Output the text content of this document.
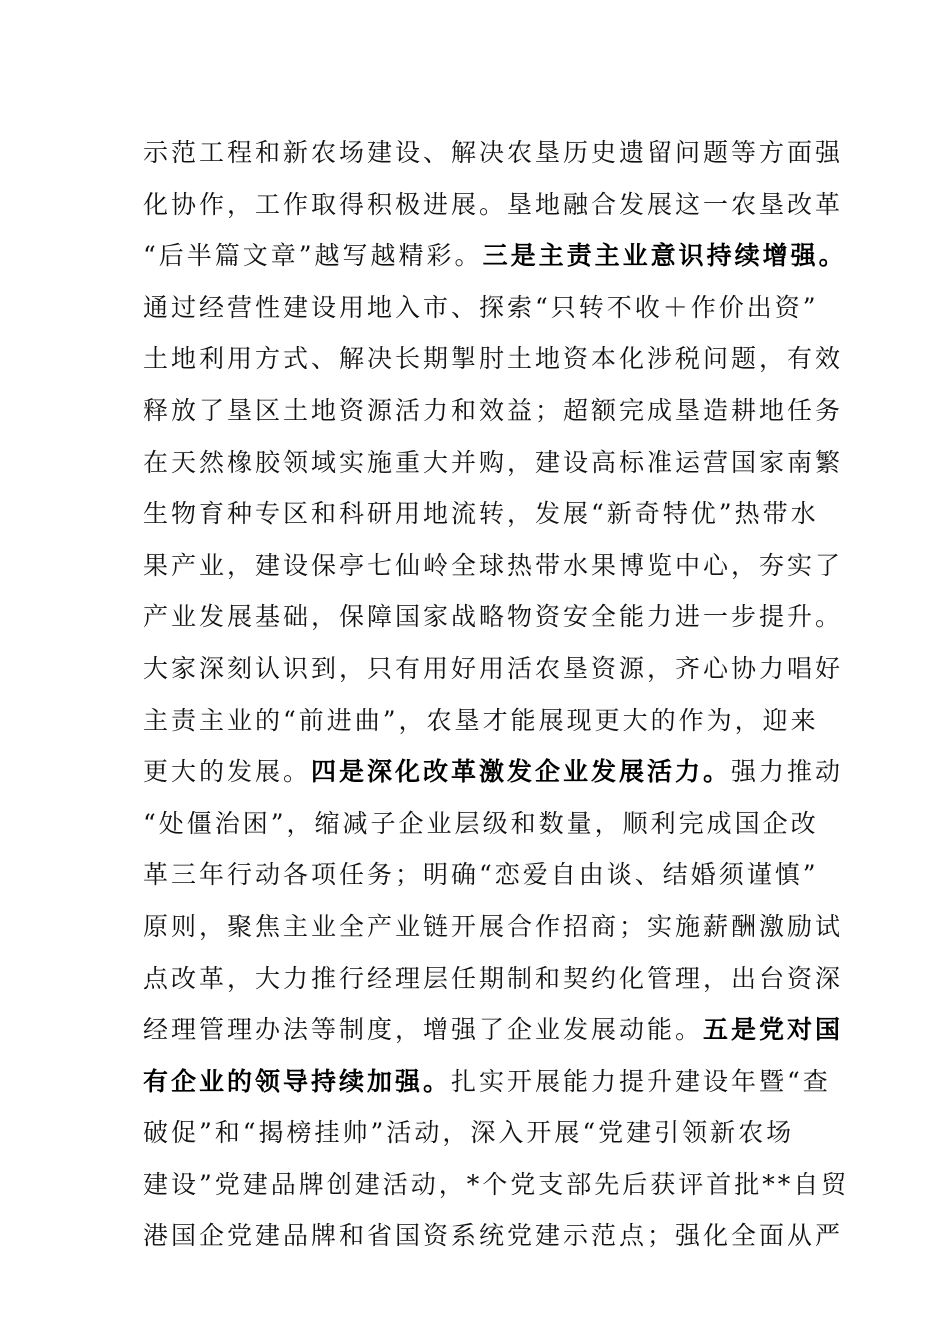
示范工程和新农场建设、解决农垦历史遗留问题等方面强
化协作，工作取得积极进展。垦地融合发展这一农垦改革
“后半篇文章”越写越精彩。三是主责主业意识持续增强。
通过经营性建设用地入市、探索“只转不收＋作价出资”
土地利用方式、解决长期掣肘土地资本化涉税问题，有效
释放了垦区土地资源活力和效益；超额完成垦造耕地任务
在天然橡胶领域实施重大并购，建设高标准运营国家南繁
生物育种专区和科研用地流转，发展“新奇特优”热带水
果产业，建设保亭七仙岭全球热带水果博览中心，夯实了
产业发展基础，保障国家战略物资安全能力进一步提升。
大家深刻认识到，只有用好用活农垦资源，齐心协力唱好
主责主业的“前进曲”，农垦才能展现更大的作为，迎来
更大的发展。四是深化改革激发企业发展活力。强力推动
“处僵治困”，缩减子企业层级和数量，顺利完成国企改
革三年行动各项任务；明确“恋爱自由谈、结婚须谨慎”
原则，聚焦主业全产业链开展合作招商；实施薪酬激励试
点改革，大力推行经理层任期制和契约化管理，出台资深
经理管理办法等制度，增强了企业发展动能。五是党对国
有企业的领导持续加强。扎实开展能力提升建设年暨“查
破促”和“揭榜挂帅”活动，深入开展“党建引领新农场
建设”党建品牌创建活动，*个党支部先后获评首批**自贸
港国企党建品牌和省国资系统党建示范点；强化全面从严
